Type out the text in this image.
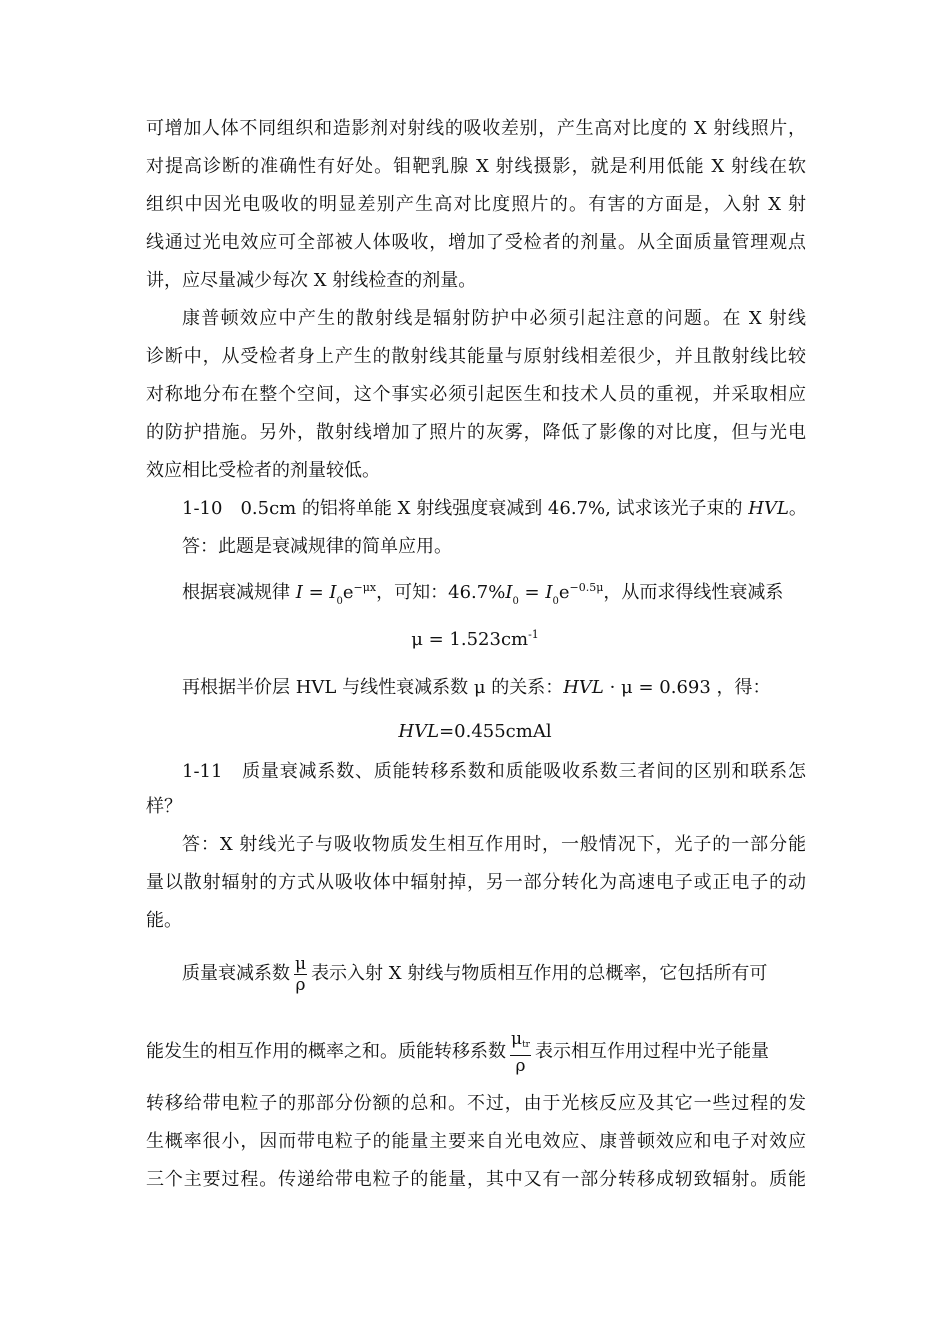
可增加人体不同组织和造影剂对射线的吸收差别，产生高对比度的 X 射线照片，
对提高诊断的准确性有好处。钼靶乳腺 X 射线摄影，就是利用低能 X 射线在软
组织中因光电吸收的明显差别产生高对比度照片的。有害的方面是，入射 X 射
线通过光电效应可全部被人体吸收，增加了受检者的剂量。从全面质量管理观点
讲，应尽量减少每次 X 射线检查的剂量。
康普顿效应中产生的散射线是辐射防护中必须引起注意的问题。在 X 射线
诊断中，从受检者身上产生的散射线其能量与原射线相差很少，并且散射线比较
对称地分布在整个空间，这个事实必须引起医生和技术人员的重视，并采取相应
的防护措施。另外，散射线增加了照片的灰雾，降低了影像的对比度，但与光电
效应相比受检者的剂量较低。
1-10　0.5cm 的铝将单能 X 射线强度衰减到 46.7%, 试求该光子束的 HVL。
答：此题是衰减规律的简单应用。
根据衰减规律 $I = I_0e^{-\mu x}$，可知：$46.7\%I_0 = I_0e^{-0.5\mu}$，从而求得线性衰减系
$\mu = 1.523cm^{-1}$
再根据半价层 HVL 与线性衰减系数 μ 的关系：HVL · μ = 0.693 ，得：
HVL=0.455cmAl
1-11　质量衰减系数、质能转移系数和质能吸收系数三者间的区别和联系怎
样？
答：X 射线光子与吸收物质发生相互作用时，一般情况下，光子的一部分能
量以散射辐射的方式从吸收体中辐射掉，另一部分转化为高速电子或正电子的动
能。
质量衰减系数 $\frac{\mu}{\rho}$ 表示入射 X 射线与物质相互作用的总概率，它包括所有可
能发生的相互作用的概率之和。质能转移系数 $\frac{\text{μtr}}{\rho}$ 表示相互作用过程中光子能量
转移给带电粒子的那部分份额的总和。不过，由于光核反应及其它一些过程的发
生概率很小，因而带电粒子的能量主要来自光电效应、康普顿效应和电子对效应
三个主要过程。传递给带电粒子的能量，其中又有一部分转移成轫致辐射。质能
